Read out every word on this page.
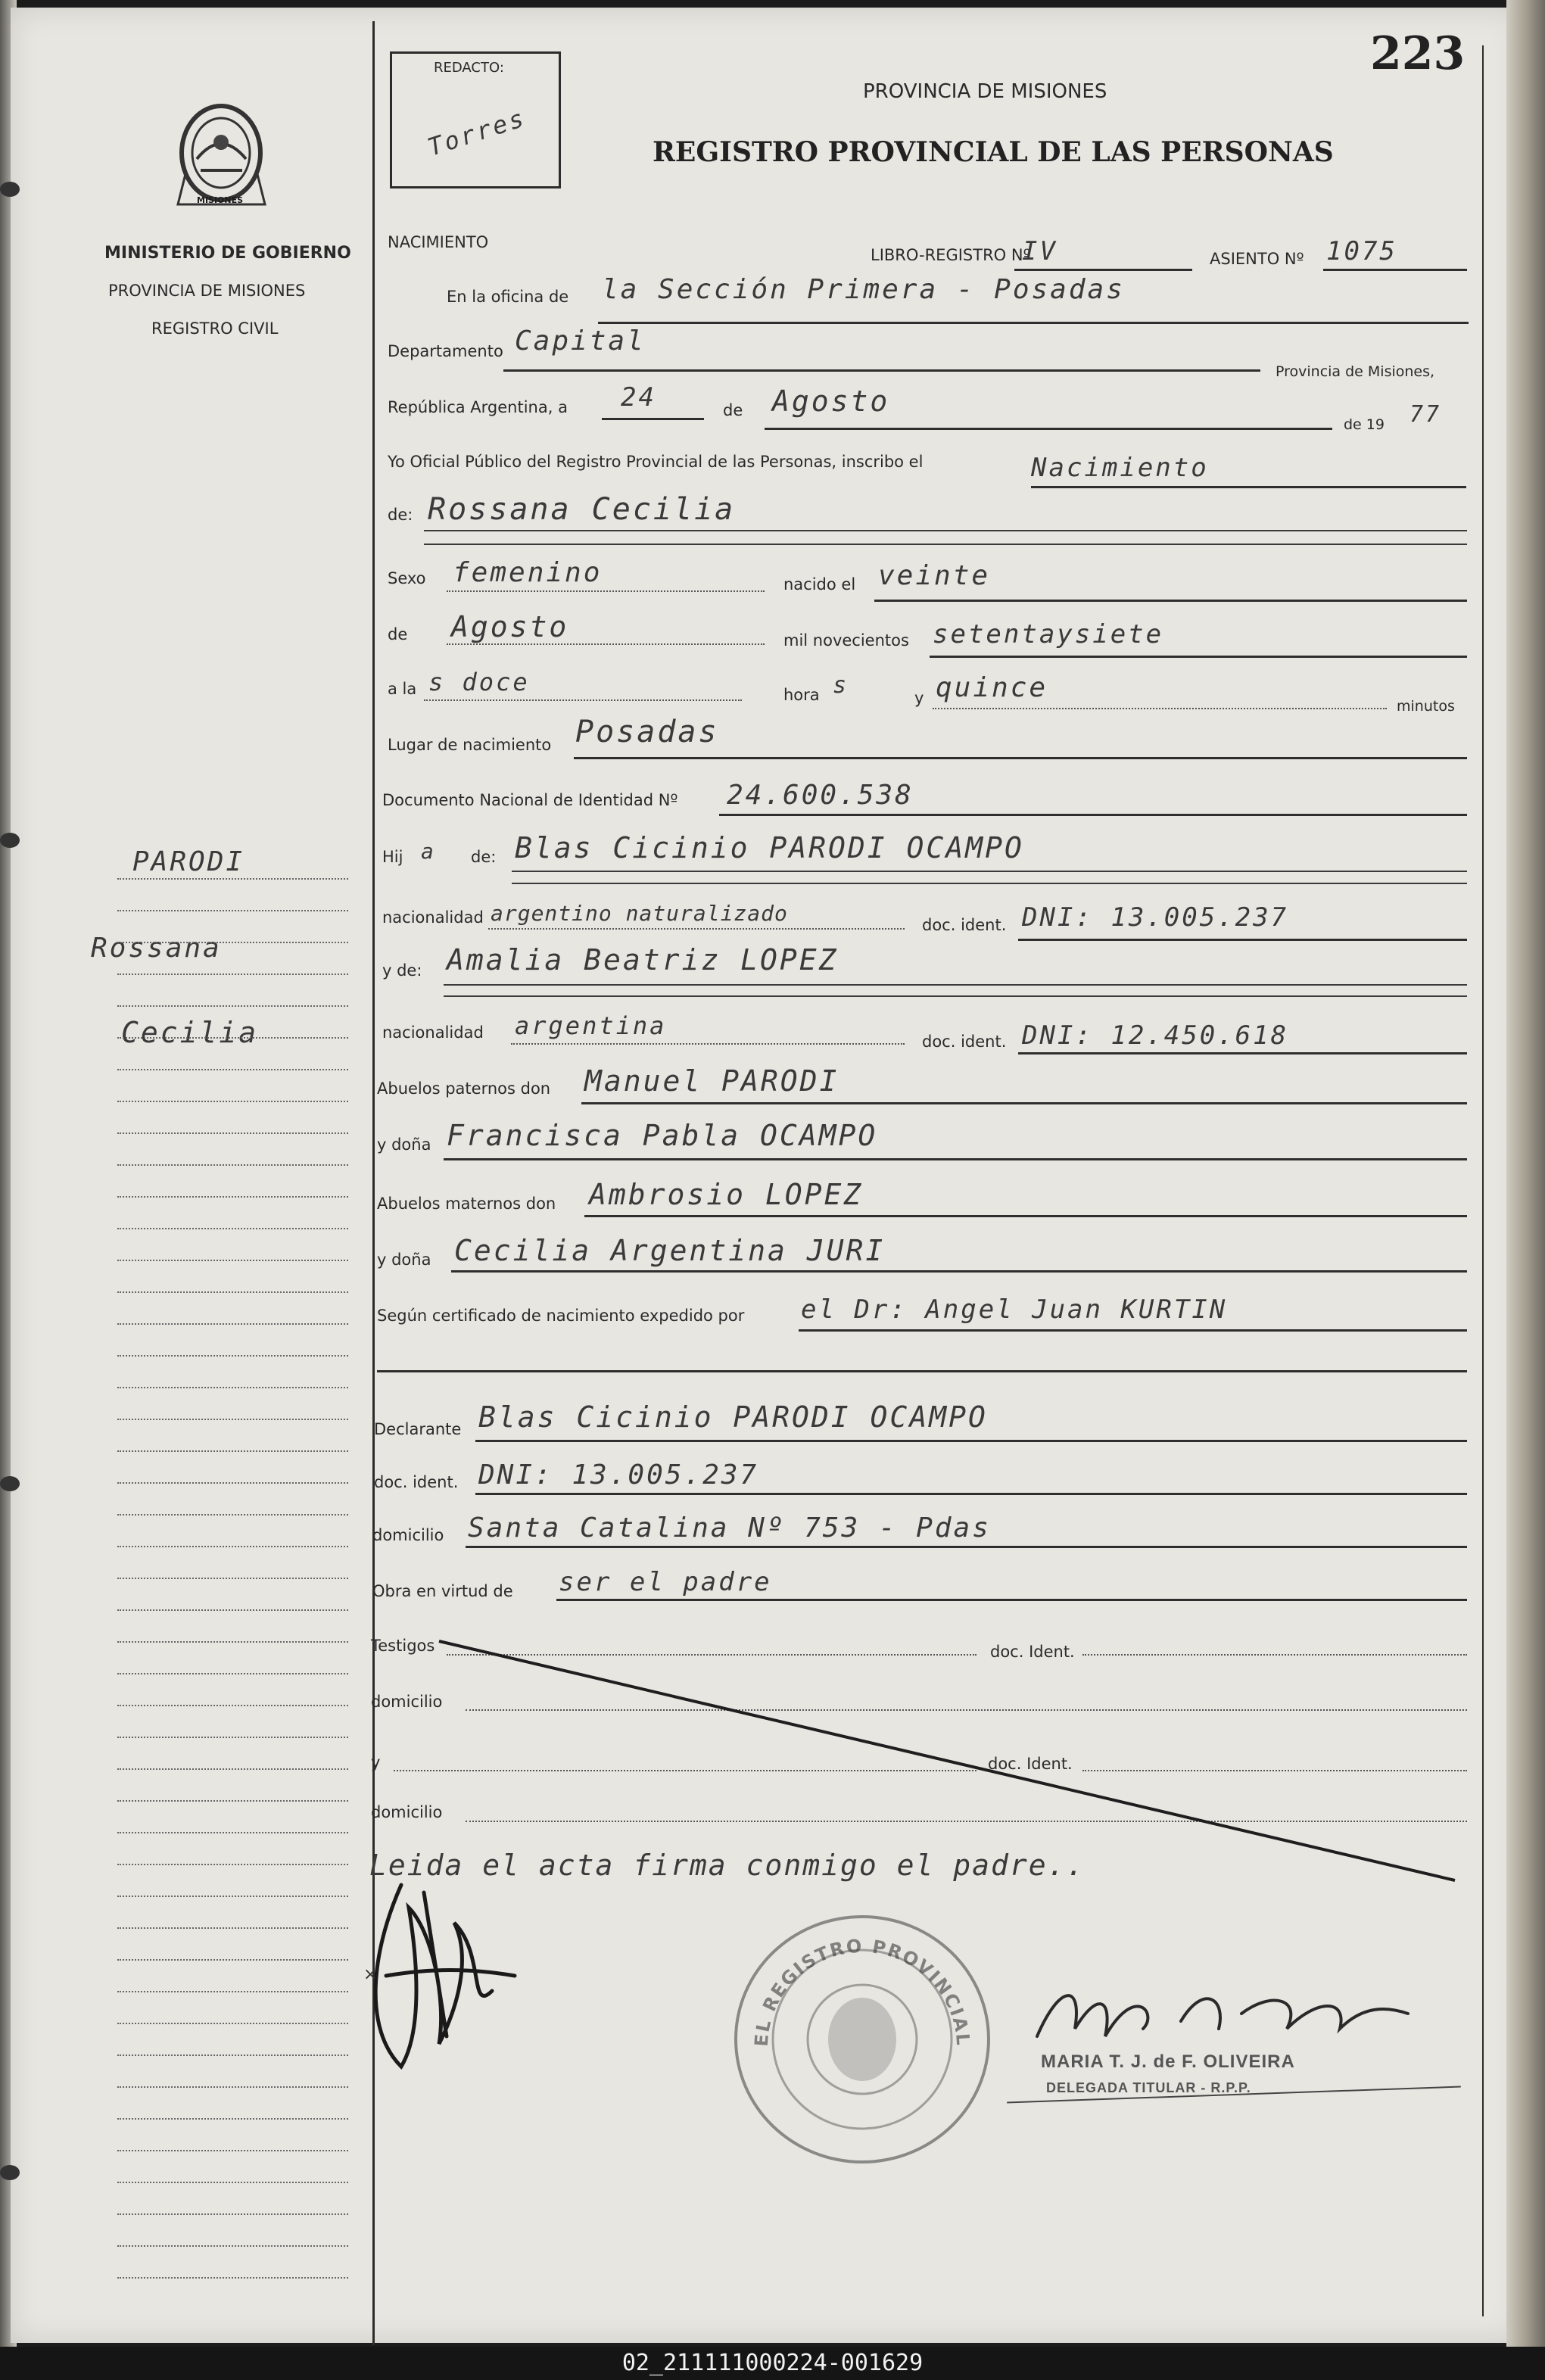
223
MISIONES
MINISTERIO DE GOBIERNO
PROVINCIA DE MISIONES
REGISTRO CIVIL
REDACTO:
Torres
PROVINCIA DE MISIONES
REGISTRO PROVINCIAL DE LAS PERSONAS
PARODI
Rossana
Cecilia
NACIMIENTO
LIBRO-REGISTRO Nº
IV	ASIENTO Nº 1075
En la oficina de la Sección Primera - Posadas
Departamento Capital
Provincia de Misiones,
República Argentina, a 24	de Agosto
de 19 77
Yo Oficial Público del Registro Provincial de las Personas, inscribo el	Nacimiento
de: Rossana Cecilia
Sexo femenino	nacido el veinte
de Agosto	mil novecientos setentaysiete
a la s doce	hora s	y quince
minutos
Lugar de nacimiento Posadas
Documento Nacional de Identidad Nº 24.600.538
Hij a de: Blas Cicinio PARODI OCAMPO
nacionalidad argentino naturalizado	doc. ident. DNI: 13.005.237
y de: Amalia Beatriz LOPEZ
nacionalidad argentina
doc. ident. DNI: 12.450.618
Abuelos paternos don Manuel PARODI
y doña Francisca Pabla OCAMPO
Abuelos maternos don Ambrosio LOPEZ
y doña Cecilia Argentina JURI
Según certificado de nacimiento expedido por el Dr: Angel Juan KURTIN
Declarante Blas Cicinio PARODI OCAMPO
doc. ident. DNI: 13.005.237
domicilio Santa Catalina Nº 753 - Pdas
Obra en virtud de ser el padre
Testigos	doc. Ident.
domicilio
y	doc. Ident.
domicilio
Leida el acta firma conmigo el padre..
×
EL REGISTRO PROVINCIAL
MARIA T. J. de F. OLIVEIRA
DELEGADA TITULAR - R.P.P.
02_211111000224-001629
